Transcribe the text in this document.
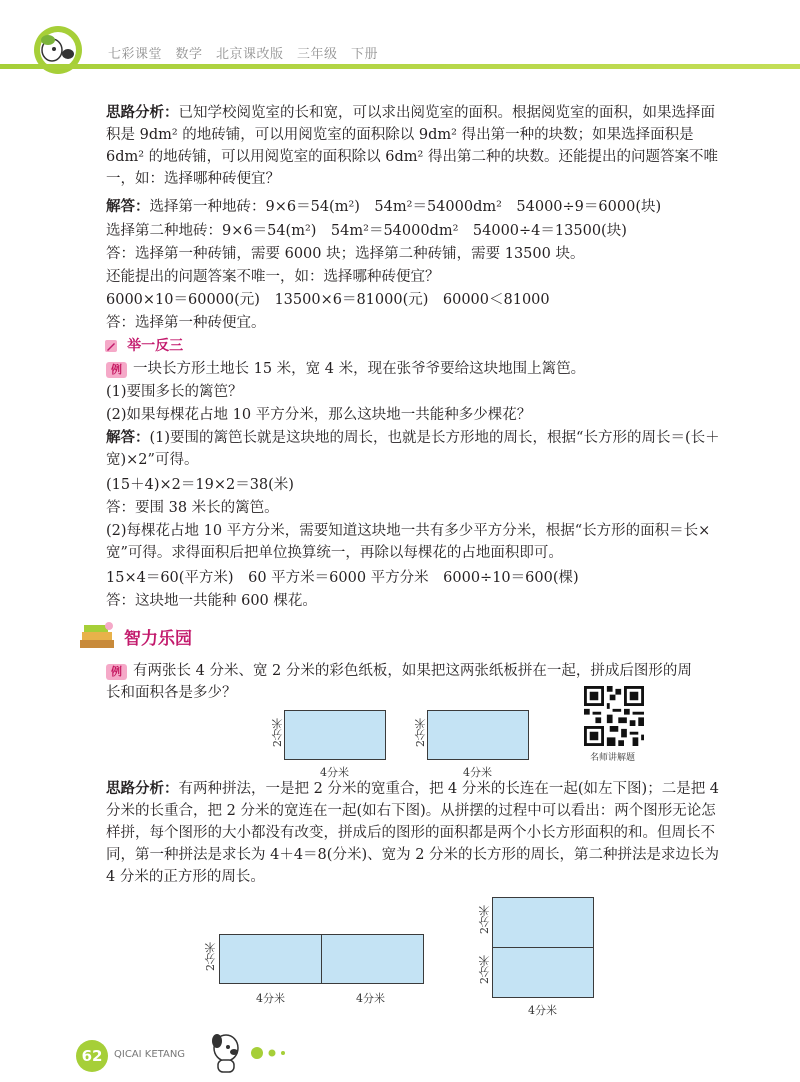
七彩课堂　数学　北京课改版　三年级　下册
思路分析：已知学校阅览室的长和宽，可以求出阅览室的面积。根据阅览室的面积，如果选择面积是 9dm² 的地砖铺，可以用阅览室的面积除以 9dm² 得出第一种的块数；如果选择面积是 6dm² 的地砖铺，可以用阅览室的面积除以 6dm² 得出第二种的块数。还能提出的问题答案不唯一，如：选择哪种砖便宜？
解答：选择第一种地砖：9×6＝54(m²)　54m²＝54000dm²　54000÷9＝6000(块)
选择第二种地砖：9×6＝54(m²)　54m²＝54000dm²　54000÷4＝13500(块)
答：选择第一种砖铺，需要 6000 块；选择第二种砖铺，需要 13500 块。
还能提出的问题答案不唯一，如：选择哪种砖便宜？
6000×10＝60000(元)　13500×6＝81000(元)　60000＜81000
答：选择第一种砖便宜。
举一反三
例 一块长方形土地长 15 米，宽 4 米，现在张爷爷要给这块地围上篱笆。
(1)要围多长的篱笆？
(2)如果每棵花占地 10 平方分米，那么这块地一共能种多少棵花？
解答：(1)要围的篱笆长就是这块地的周长，也就是长方形地的周长，根据“长方形的周长＝(长＋宽)×2”可得。
(15＋4)×2＝19×2＝38(米)
答：要围 38 米长的篱笆。
(2)每棵花占地 10 平方分米，需要知道这块地一共有多少平方分米，根据“长方形的面积＝长×宽”可得。求得面积后把单位换算统一，再除以每棵花的占地面积即可。
15×4＝60(平方米)　60 平方米＝6000 平方分米　6000÷10＝600(棵)
答：这块地一共能种 600 棵花。
智力乐园
例 有两张长 4 分米、宽 2 分米的彩色纸板，如果把这两张纸板拼在一起，拼成后图形的周长和面积各是多少？
2分米
4分米
2分米
4分米
名师讲解题
思路分析：有两种拼法，一是把 2 分米的宽重合，把 4 分米的长连在一起(如左下图)；二是把 4 分米的长重合，把 2 分米的宽连在一起(如右下图)。从拼摆的过程中可以看出：两个图形无论怎样拼，每个图形的大小都没有改变，拼成后的图形的面积都是两个小长方形面积的和。但周长不同，第一种拼法是求长为 4＋4＝8(分米)、宽为 2 分米的长方形的周长，第二种拼法是求边长为 4 分米的正方形的周长。
2分米
4分米	4分米
2分米
2分米
4分米
62	QICAI KETANG
